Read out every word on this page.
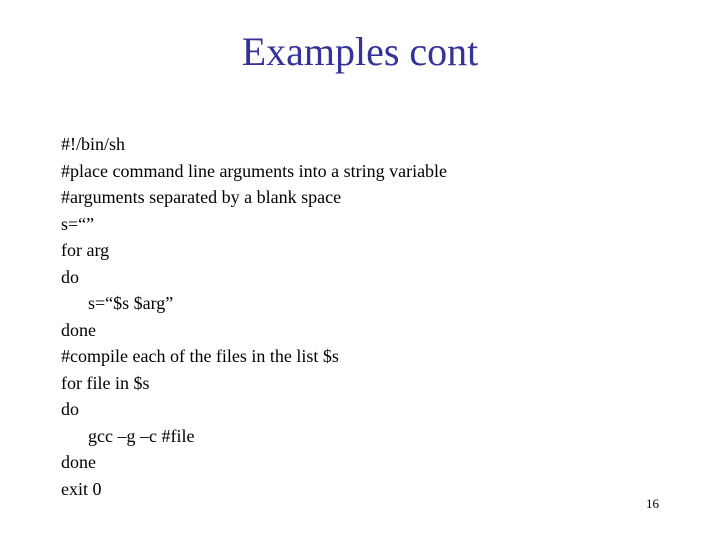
Examples cont
#!/bin/sh
#place command line arguments into a string variable
#arguments separated by a blank space
s=“”
for arg
do
s=“$s $arg”
done
#compile each of the files in the list $s
for file in $s
do
gcc –g –c #file
done
exit 0
16
